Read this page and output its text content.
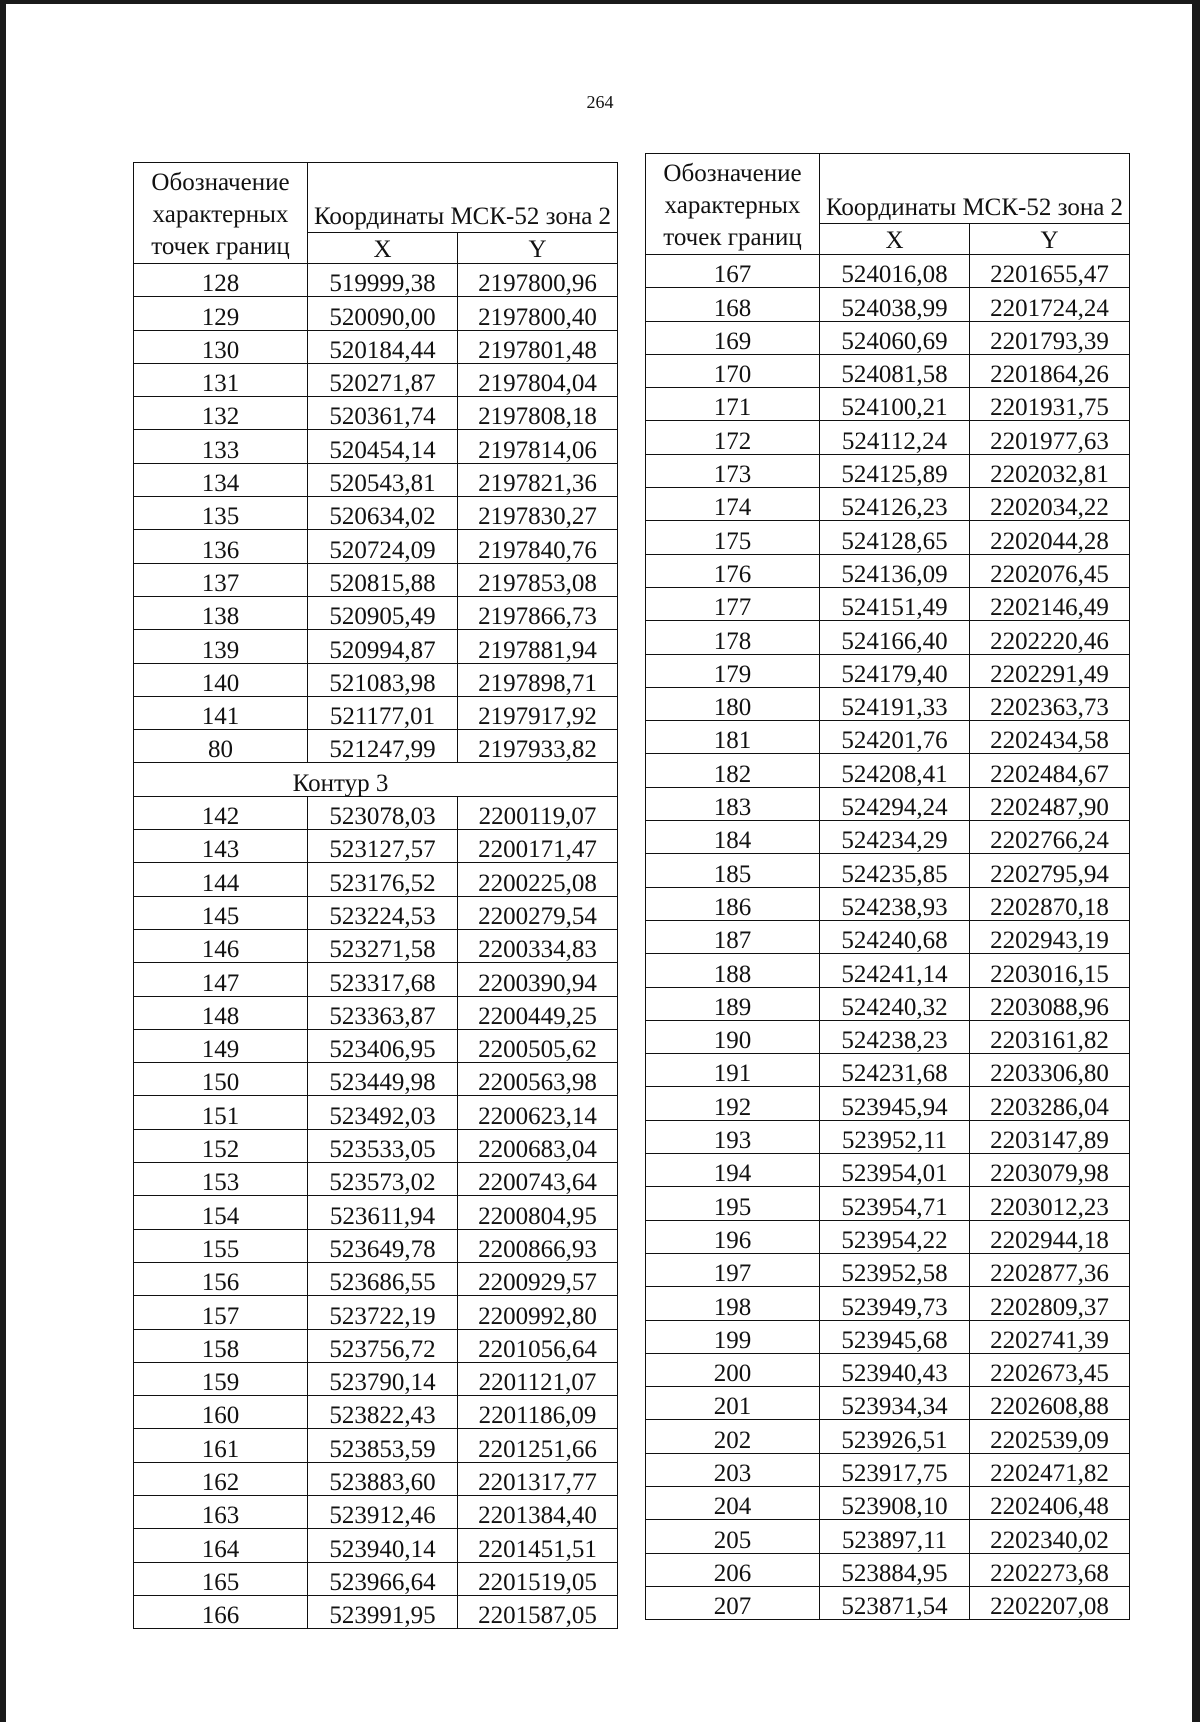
264
Обозначение характерных точек границ	Координаты МСК-52 зона 2	
	X	Y
128	519999,38	2197800,96
129	520090,00	2197800,40
130	520184,44	2197801,48
131	520271,87	2197804,04
132	520361,74	2197808,18
133	520454,14	2197814,06
134	520543,81	2197821,36
135	520634,02	2197830,27
136	520724,09	2197840,76
137	520815,88	2197853,08
138	520905,49	2197866,73
139	520994,87	2197881,94
140	521083,98	2197898,71
141	521177,01	2197917,92
80	521247,99	2197933,82
Контур 3		
142	523078,03	2200119,07
143	523127,57	2200171,47
144	523176,52	2200225,08
145	523224,53	2200279,54
146	523271,58	2200334,83
147	523317,68	2200390,94
148	523363,87	2200449,25
149	523406,95	2200505,62
150	523449,98	2200563,98
151	523492,03	2200623,14
152	523533,05	2200683,04
153	523573,02	2200743,64
154	523611,94	2200804,95
155	523649,78	2200866,93
156	523686,55	2200929,57
157	523722,19	2200992,80
158	523756,72	2201056,64
159	523790,14	2201121,07
160	523822,43	2201186,09
161	523853,59	2201251,66
162	523883,60	2201317,77
163	523912,46	2201384,40
164	523940,14	2201451,51
165	523966,64	2201519,05
166	523991,95	2201587,05
Обозначение характерных точек границ	Координаты МСК-52 зона 2	
	X	Y
167	524016,08	2201655,47
168	524038,99	2201724,24
169	524060,69	2201793,39
170	524081,58	2201864,26
171	524100,21	2201931,75
172	524112,24	2201977,63
173	524125,89	2202032,81
174	524126,23	2202034,22
175	524128,65	2202044,28
176	524136,09	2202076,45
177	524151,49	2202146,49
178	524166,40	2202220,46
179	524179,40	2202291,49
180	524191,33	2202363,73
181	524201,76	2202434,58
182	524208,41	2202484,67
183	524294,24	2202487,90
184	524234,29	2202766,24
185	524235,85	2202795,94
186	524238,93	2202870,18
187	524240,68	2202943,19
188	524241,14	2203016,15
189	524240,32	2203088,96
190	524238,23	2203161,82
191	524231,68	2203306,80
192	523945,94	2203286,04
193	523952,11	2203147,89
194	523954,01	2203079,98
195	523954,71	2203012,23
196	523954,22	2202944,18
197	523952,58	2202877,36
198	523949,73	2202809,37
199	523945,68	2202741,39
200	523940,43	2202673,45
201	523934,34	2202608,88
202	523926,51	2202539,09
203	523917,75	2202471,82
204	523908,10	2202406,48
205	523897,11	2202340,02
206	523884,95	2202273,68
207	523871,54	2202207,08
